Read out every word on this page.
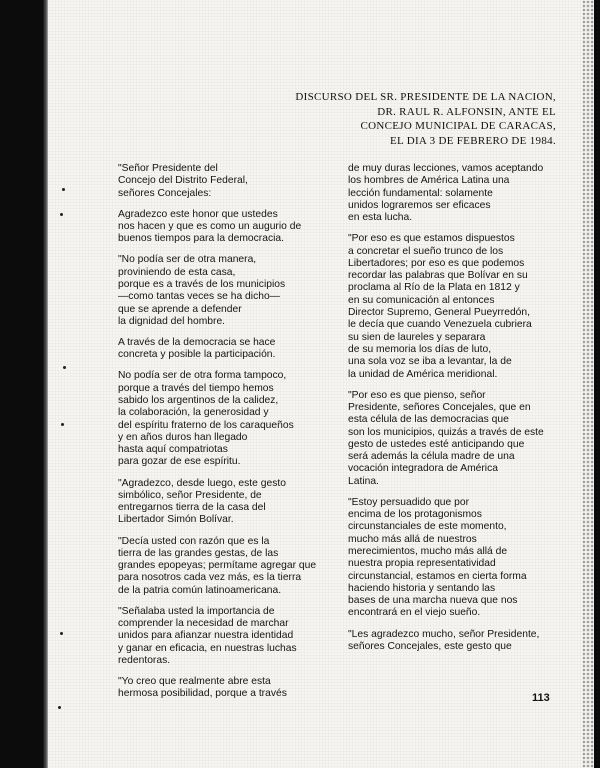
DISCURSO DEL SR. PRESIDENTE DE LA NACION,
DR. RAUL R. ALFONSIN, ANTE EL
CONCEJO MUNICIPAL DE CARACAS,
EL DIA 3 DE FEBRERO DE 1984.
"Señor Presidente del
Concejo del Distrito Federal,
señores Concejales:
Agradezco este honor que ustedes
nos hacen y que es como un augurio de
buenos tiempos para la democracia.
"No podía ser de otra manera,
proviniendo de esta casa,
porque es a través de los municipios
—como tantas veces se ha dicho—
que se aprende a defender
la dignidad del hombre.
A través de la democracia se hace
concreta y posible la participación.
No podía ser de otra forma tampoco,
porque a través del tiempo hemos
sabido los argentinos de la calidez,
la colaboración, la generosidad y
del espíritu fraterno de los caraqueños
y en años duros han llegado
hasta aquí compatriotas
para gozar de ese espíritu.
"Agradezco, desde luego, este gesto
simbólico, señor Presidente, de
entregarnos tierra de la casa del
Libertador Simón Bolívar.
"Decía usted con razón que es la
tierra de las grandes gestas, de las
grandes epopeyas; permítame agregar que
para nosotros cada vez más, es la tierra
de la patria común latinoamericana.
"Señalaba usted la importancia de
comprender la necesidad de marchar
unidos para afianzar nuestra identidad
y ganar en eficacia, en nuestras luchas
redentoras.
"Yo creo que realmente abre esta
hermosa posibilidad, porque a través
de muy duras lecciones, vamos aceptando
los hombres de América Latina una
lección fundamental: solamente
unidos lograremos ser eficaces
en esta lucha.
"Por eso es que estamos dispuestos
a concretar el sueño trunco de los
Libertadores; por eso es que podemos
recordar las palabras que Bolívar en su
proclama al Río de la Plata en 1812 y
en su comunicación al entonces
Director Supremo, General Pueyrredón,
le decía que cuando Venezuela cubriera
su sien de laureles y separara
de su memoria los días de luto,
una sola voz se iba a levantar, la de
la unidad de América meridional.
"Por eso es que pienso, señor
Presidente, señores Concejales, que en
esta célula de las democracias que
son los municipios, quizás a través de este
gesto de ustedes esté anticipando que
será además la célula madre de una
vocación integradora de América
Latina.
"Estoy persuadido que por
encima de los protagonismos
circunstanciales de este momento,
mucho más allá de nuestros
merecimientos, mucho más allá de
nuestra propia representatividad
circunstancial, estamos en cierta forma
haciendo historia y sentando las
bases de una marcha nueva que nos
encontrará en el viejo sueño.
"Les agradezco mucho, señor Presidente,
señores Concejales, este gesto que
113
